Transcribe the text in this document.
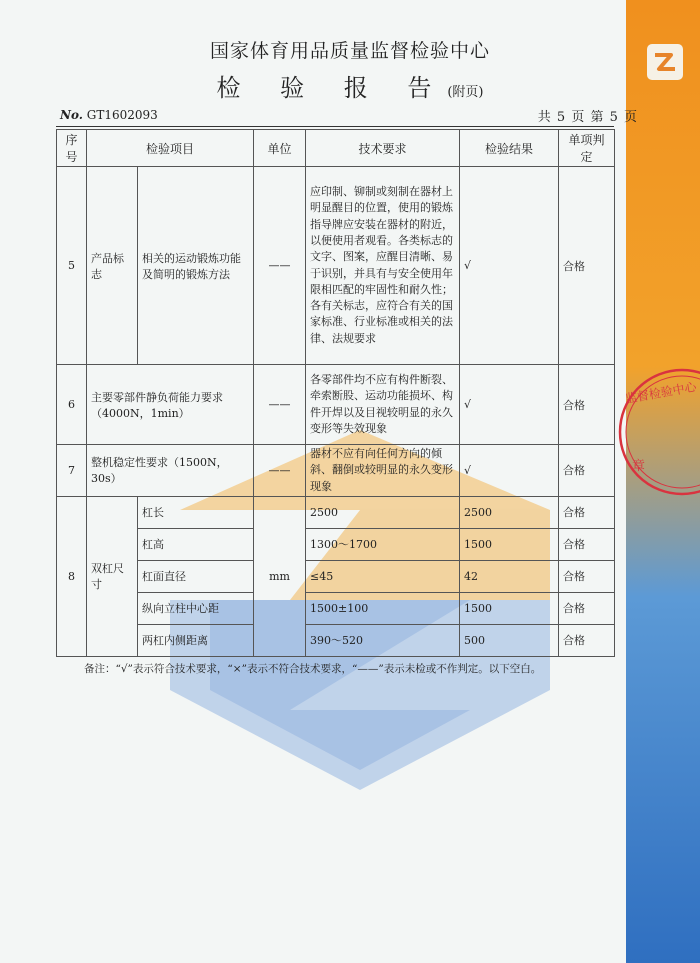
监督检验中心
章
国家体育用品质量监督检验中心
检 验 报 告(附页)
No. GT1602093	共 5 页 第 5 页
序号	检验项目		单位	技术要求	检验结果	单项判定
5	产品标志	相关的运动锻炼功能及简明的锻炼方法	——	应印制、铆制或刻制在器材上明显醒目的位置，使用的锻炼指导牌应安装在器材的附近，以便使用者观看。各类标志的文字、图案，应醒目清晰、易于识别，并具有与安全使用年限相匹配的牢固性和耐久性；各有关标志，应符合有关的国家标准、行业标准或相关的法律、法规要求	√	合格
6	主要零部件静负荷能力要求（4000N，1min）		——	各零部件均不应有构件断裂、牵索断股、运动功能损坏、构件开焊以及目视较明显的永久变形等失效现象	√	合格
7	整机稳定性要求（1500N，30s）		——	器材不应有向任何方向的倾斜、翻倒或较明显的永久变形现象	√	合格
8	双杠尺寸	杠长	mm	2500	2500	合格
		杠高		1300～1700	1500	合格
		杠面直径		≤45	42	合格
		纵向立柱中心距		1500±100	1500	合格
		两杠内侧距离		390～520	500	合格
备注：“√”表示符合技术要求，“×”表示不符合技术要求，“——”表示未检或不作判定。以下空白。
